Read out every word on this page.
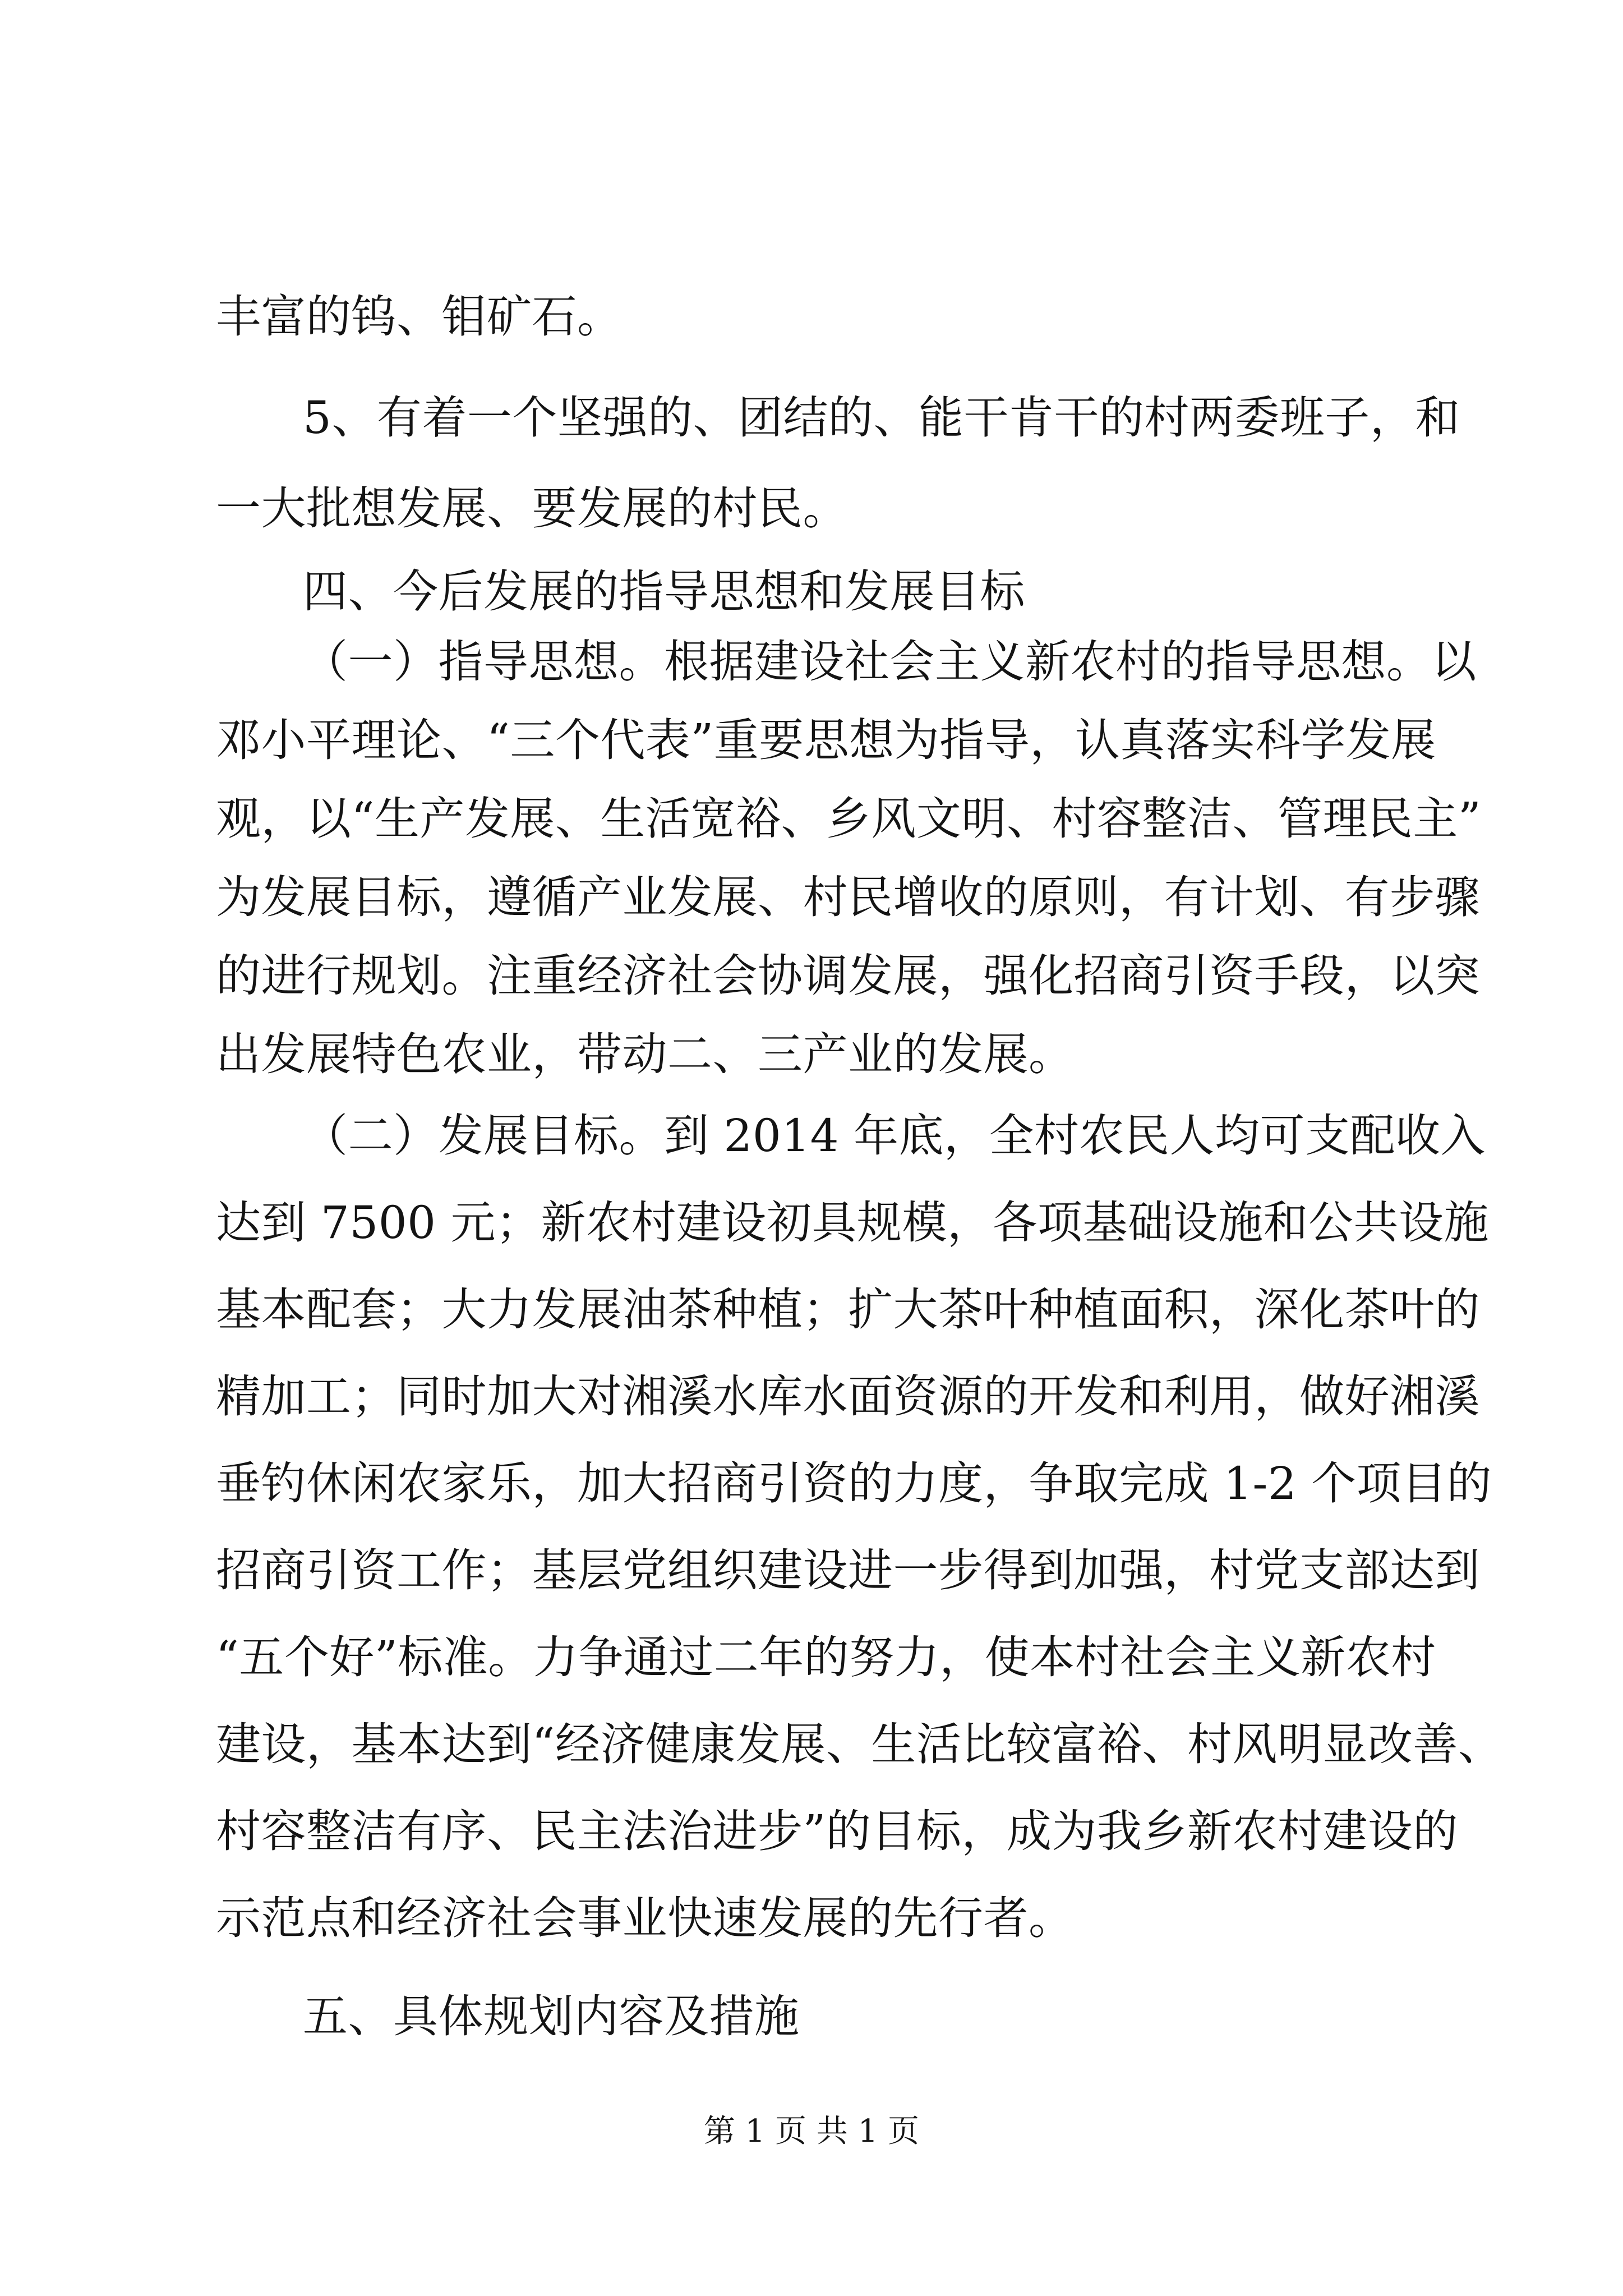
丰富的钨、钼矿石。
5、有着一个坚强的、团结的、能干肯干的村两委班子，和
一大批想发展、要发展的村民。
四、今后发展的指导思想和发展目标
（一）指导思想。根据建设社会主义新农村的指导思想。以
邓小平理论、“三个代表”重要思想为指导，认真落实科学发展
观，以“生产发展、生活宽裕、乡风文明、村容整洁、管理民主”
为发展目标，遵循产业发展、村民增收的原则，有计划、有步骤
的进行规划。注重经济社会协调发展，强化招商引资手段，以突
出发展特色农业，带动二、三产业的发展。
（二）发展目标。到 2014 年底，全村农民人均可支配收入
达到 7500 元；新农村建设初具规模，各项基础设施和公共设施
基本配套；大力发展油茶种植；扩大茶叶种植面积，深化茶叶的
精加工；同时加大对湘溪水库水面资源的开发和利用，做好湘溪
垂钓休闲农家乐，加大招商引资的力度，争取完成 1-2 个项目的
招商引资工作；基层党组织建设进一步得到加强，村党支部达到
“五个好”标准。力争通过二年的努力，使本村社会主义新农村
建设，基本达到“经济健康发展、生活比较富裕、村风明显改善、
村容整洁有序、民主法治进步”的目标，成为我乡新农村建设的
示范点和经济社会事业快速发展的先行者。
五、具体规划内容及措施
第 1 页 共 1 页
